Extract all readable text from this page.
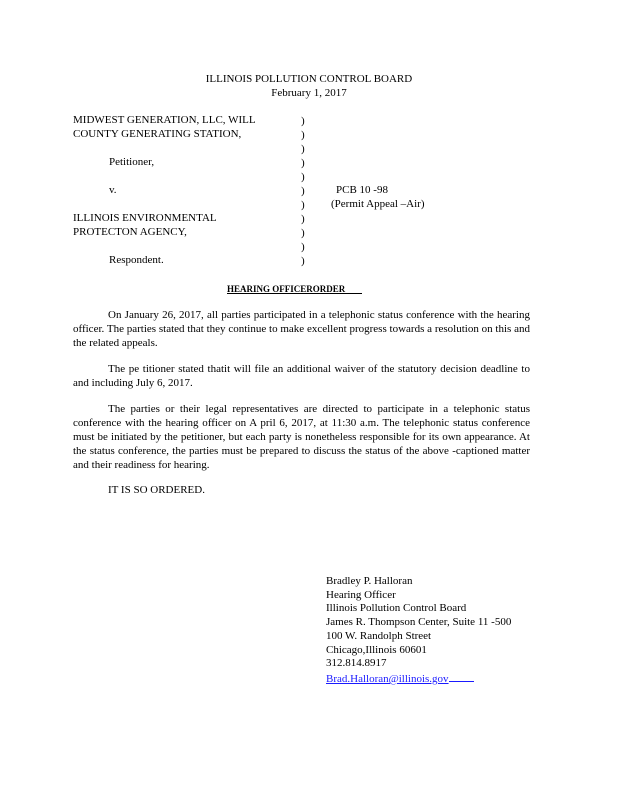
ILLINOIS POLLUTION CONTROL BOARD
February 1, 2017
MIDWEST GENERATION, LLC, WILL
COUNTY GENERATING STATION,
Petitioner,
v.
ILLINOIS ENVIRONMENTAL
PROTECTON AGENCY,
Respondent.
)
)
)
)
)
)
)
)
)
)
)
PCB 10 -98
(Permit Appeal –Air)
HEARING OFFICERORDER
On January 26, 2017, all parties participated in a telephonic status conference with the hearing officer. The parties stated that they continue to make excellent progress towards a resolution on this and the related appeals.
The pe titioner stated thatit will file an additional waiver of the statutory decision deadline to and including July 6, 2017.
The parties or their legal representatives are directed to participate in a telephonic status conference with the hearing officer on A pril 6, 2017, at 11:30 a.m. The telephonic status conference must be initiated by the petitioner, but each party is nonetheless responsible for its own appearance. At the status conference, the parties must be prepared to discuss the status of the above -captioned matter and their readiness for hearing.
IT IS SO ORDERED.
Bradley P. Halloran
Hearing Officer
Illinois Pollution Control Board
James R. Thompson Center, Suite 11 -500
100 W. Randolph Street
Chicago,Illinois 60601
312.814.8917
Brad.Halloran@illinois.gov
